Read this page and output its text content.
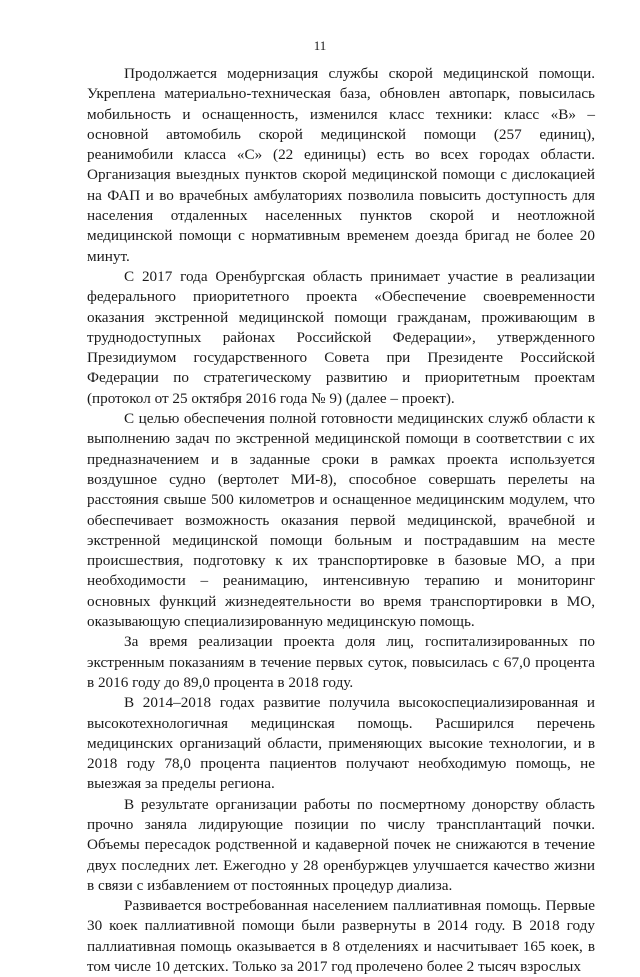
11

Продолжается модернизация службы скорой медицинской помощи. Укреплена материально-техническая база, обновлен автопарк, повысилась мобильность и оснащенность, изменился класс техники: класс «В» – основной автомобиль скорой медицинской помощи (257 единиц), реанимобили класса «С» (22 единицы) есть во всех городах области. Организация выездных пунктов скорой медицинской помощи с дислокацией на ФАП и во врачебных амбулаториях позволила повысить доступность для населения отдаленных населенных пунктов скорой и неотложной медицинской помощи с нормативным временем доезда бригад не более 20 минут.

С 2017 года Оренбургская область принимает участие в реализации федерального приоритетного проекта «Обеспечение своевременности оказания экстренной медицинской помощи гражданам, проживающим в труднодоступных районах Российской Федерации», утвержденного Президиумом государственного Совета при Президенте Российской Федерации по стратегическому развитию и приоритетным проектам (протокол от 25 октября 2016 года № 9) (далее – проект).

С целью обеспечения полной готовности медицинских служб области к выполнению задач по экстренной медицинской помощи в соответствии с их предназначением и в заданные сроки в рамках проекта используется воздушное судно (вертолет МИ-8), способное совершать перелеты на расстояния свыше 500 километров и оснащенное медицинским модулем, что обеспечивает возможность оказания первой медицинской, врачебной и экстренной медицинской помощи больным и пострадавшим на месте происшествия, подготовку к их транспортировке в базовые МО, а при необходимости – реанимацию, интенсивную терапию и мониторинг основных функций жизнедеятельности во время транспортировки в МО, оказывающую специализированную медицинскую помощь.

За время реализации проекта доля лиц, госпитализированных по экстренным показаниям в течение первых суток, повысилась с 67,0 процента в 2016 году до 89,0 процента в 2018 году.

В 2014–2018 годах развитие получила высокоспециализированная и высокотехнологичная медицинская помощь. Расширился перечень медицинских организаций области, применяющих высокие технологии, и в 2018 году 78,0 процента пациентов получают необходимую помощь, не выезжая за пределы региона.

В результате организации работы по посмертному донорству область прочно заняла лидирующие позиции по числу трансплантаций почки. Объемы пересадок родственной и кадаверной почек не снижаются в течение двух последних лет. Ежегодно у 28 оренбуржцев улучшается качество жизни в связи с избавлением от постоянных процедур диализа.

Развивается востребованная населением паллиативная помощь. Первые 30 коек паллиативной помощи были развернуты в 2014 году. В 2018 году паллиативная помощь оказывается в 8 отделениях и насчитывает 165 коек, в том числе 10 детских. Только за 2017 год пролечено более 2 тысяч взрослых
